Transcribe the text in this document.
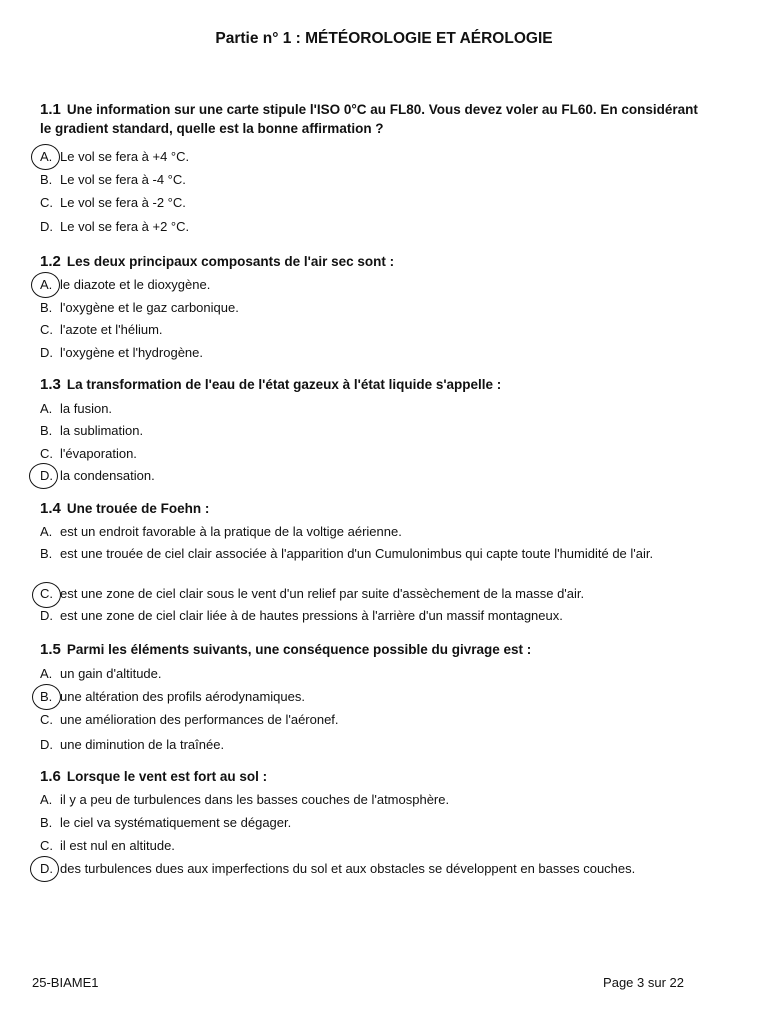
Partie n° 1 : MÉTÉOROLOGIE ET AÉROLOGIE
1.1 Une information sur une carte stipule l'ISO 0°C au FL80. Vous devez voler au FL60. En considérant le gradient standard, quelle est la bonne affirmation ?
A. Le vol se fera à +4 °C.
B. Le vol se fera à -4 °C.
C. Le vol se fera à -2 °C.
D. Le vol se fera à +2 °C.
1.2 Les deux principaux composants de l'air sec sont :
A. le diazote et le dioxygène.
B. l'oxygène et le gaz carbonique.
C. l'azote et l'hélium.
D. l'oxygène et l'hydrogène.
1.3 La transformation de l'eau de l'état gazeux à l'état liquide s'appelle :
A. la fusion.
B. la sublimation.
C. l'évaporation.
D. la condensation.
1.4 Une trouée de Foehn :
A. est un endroit favorable à la pratique de la voltige aérienne.
B. est une trouée de ciel clair associée à l'apparition d'un Cumulonimbus qui capte toute l'humidité de l'air.
C. est une zone de ciel clair sous le vent d'un relief par suite d'assèchement de la masse d'air.
D. est une zone de ciel clair liée à de hautes pressions à l'arrière d'un massif montagneux.
1.5 Parmi les éléments suivants, une conséquence possible du givrage est :
A. un gain d'altitude.
B. une altération des profils aérodynamiques.
C. une amélioration des performances de l'aéronef.
D. une diminution de la traînée.
1.6 Lorsque le vent est fort au sol :
A. il y a peu de turbulences dans les basses couches de l'atmosphère.
B. le ciel va systématiquement se dégager.
C. il est nul en altitude.
D. des turbulences dues aux imperfections du sol et aux obstacles se développent en basses couches.
25-BIAME1	Page 3 sur 22
